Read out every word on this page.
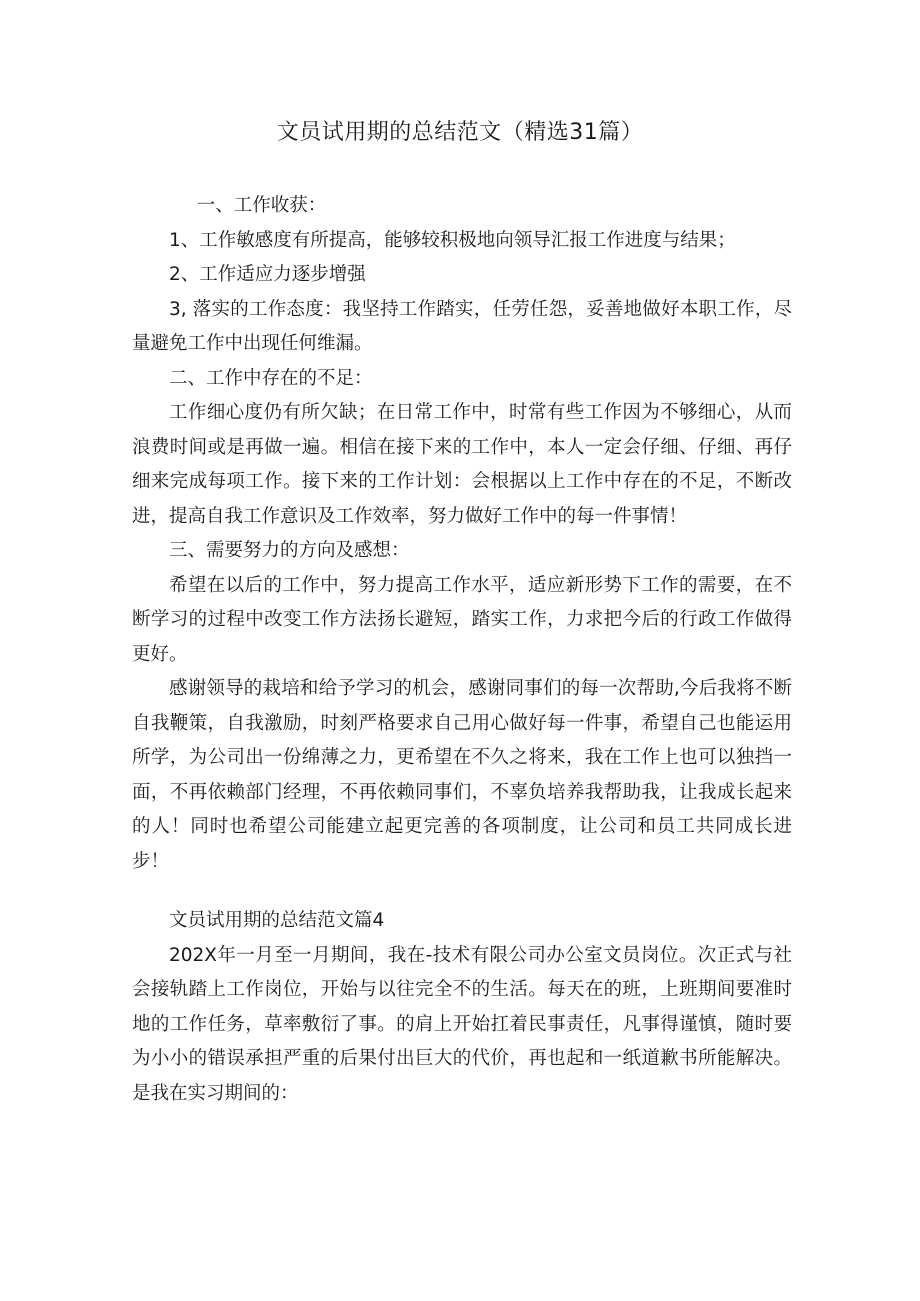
文员试用期的总结范文（精选31篇）

一、工作收获：

1、工作敏感度有所提高，能够较积极地向领导汇报工作进度与结果；

2、工作适应力逐步增强

3, 落实的工作态度：我坚持工作踏实，任劳任怨，妥善地做好本职工作，尽量避免工作中出现任何维漏。

二、工作中存在的不足：

工作细心度仍有所欠缺；在日常工作中，时常有些工作因为不够细心，从而浪费时间或是再做一遍。相信在接下来的工作中，本人一定会仔细、仔细、再仔细来完成每项工作。接下来的工作计划：会根据以上工作中存在的不足，不断改进，提高自我工作意识及工作效率，努力做好工作中的每一件事情！

三、需要努力的方向及感想：

希望在以后的工作中，努力提高工作水平，适应新形势下工作的需要，在不断学习的过程中改变工作方法扬长避短，踏实工作，力求把今后的行政工作做得更好。

感谢领导的栽培和给予学习的机会，感谢同事们的每一次帮助,今后我将不断自我鞭策，自我激励，时刻严格要求自己用心做好每一件事，希望自己也能运用所学，为公司出一份绵薄之力，更希望在不久之将来，我在工作上也可以独挡一面，不再依赖部门经理，不再依赖同事们，不辜负培养我帮助我，让我成长起来的人！同时也希望公司能建立起更完善的各项制度，让公司和员工共同成长进步！

文员试用期的总结范文篇4

202X年一月至一月期间，我在-技术有限公司办公室文员岗位。次正式与社会接轨踏上工作岗位，开始与以往完全不的生活。每天在的班，上班期间要准时地的工作任务，草率敷衍了事。的肩上开始扛着民事责任，凡事得谨慎，随时要为小小的错误承担严重的后果付出巨大的代价，再也起和一纸道歉书所能解决。是我在实习期间的：
